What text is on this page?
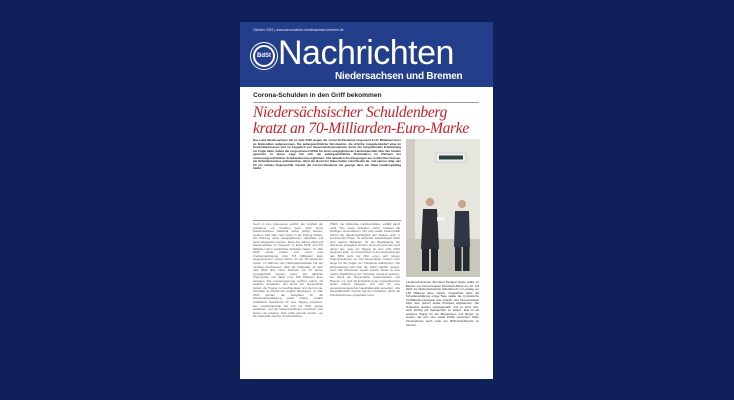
Oktober 2021 | www.steuerzahler-niedersachsen-bremen.de
BdSt Nachrichten
Niedersachsen und Bremen
Corona-Schulden in den Griff bekommen
Niedersächsischer Schuldenberg
kratzt an 70-Milliarden-Euro-Marke
Das Land Niedersachsen hat im Jahr 2020 wegen der Covid-19-Pandemie insgesamt 8,147 Milliarden Euro an Notkrediten aufgenommen. Die außergewöhnliche Notsituation, die erhöhte Ausgabenbedarf etwa im Gesundheitswesen und im Ausgleich von Steuermindereinnahmen durch die konjunkturelle Entwicklung zur Folge hatte, haben die vorgesehenen Mittel für einen ausgeglichenen Landeshaushalt über den Haufen geworfen. In dieser Lage hat sich die außergewöhnliche Notsituation im Rahmen der verfassungsrechtlichen Schuldenbremse legitimiert. Alle aktuellen Anstrengungen aus politischen Kreisen, die Schuldenbremse aufzuweichen, lehnt der Bund der Steuerzahler entschieden ab, und ebenso tätig sein für ein solides Finanzpolitik. Gerade die Corona-Pandemie hat gezeigt, dass der Staat handlungsfähig bleibt.
Noch ist eine Atempause gefühlt. Ein Großteil der Aufnahme von Krediten kann nicht durch Niedersachsens Haushalt selbst getilgt werden, sondern wird über viele Jahre in die Tilgung fließen. Die Planung eines ausgeglichenen Haushalts soll nicht aufgegeben werden. Ende des Jahres 2024 soll Niedersachsen im Vergleich zu Ende 2019 rund 8,5 Milliarden Euro zusätzliche Schulden haben. Im Jahr 2020 wurde zudem vom Land eine Kreditermächtigung über 8,8 Milliarden Euro ausgesprochen, wovon bisher nur ein Teil abgerufen wurde. Im Rahmen des Nachtragshaushalts hat der Landtag beschlossen, dass die Notkredite ab dem Jahr 2024 über einen Zeitraum von 25 Jahren zurückgezahlt werden sollen. Die jährliche Tilgungsrate soll dabei rund 320 Millionen Euro betragen. Die Landesregierung rechnet zudem mit weiteren Zinslasten. Der Bund der Steuerzahler fordert, die Tilgung zu beschleunigen und die Corona-Schulden so schnell wie möglich abzubauen. Im Jahr 2022 werden die Ausgaben für die Pandemiebewältigung weiter sinken, sodass zusätzliche Spielräume für eine Tilgung entstehen. Der Landeshaushalt hat sich bis 2021 wieder stabilisiert, und die Steuereinnahmen entwickeln sich besser als erwartet. Dies sollte genutzt werden, um die Notkredite rascher zurückzuführen.
Pflicht, die Notkredite zurückzuzahlen, entfällt damit nicht. Wer heute Schulden macht, belastet die künftigen Generationen. Nur eine solide Finanzpolitik sichert die Handlungsfähigkeit des Staates auch in kommenden Krisen. Im laufenden Haushaltsjahr 2021 sind weitere Milliarden für die Bewältigung der Pandemie eingeplant worden. Dennoch geht das Land davon aus, dass die Tilgung ab dem Jahr 2024 beginnen kann. Im Unterschied zu den Empfehlungen des BdSt sieht der Plan einen sehr langen Tilgungszeitraum vor. Die Steuerzahler müssen noch lange für die Folgen der Pandemie aufkommen. Die Zinsbelastung wird über die Jahre spürbar steigen, wenn das Zinsniveau wieder anzieht. Daher ist eine rasche Rückführung der Schulden dringend geboten. Der Bund der Steuerzahler Niedersachsen und Bremen e.V. wird die Entwicklung der Landesfinanzen weiter kritisch begleiten und sich für eine generationengerechte Haushaltspolitik einsetzen. Alle Haushaltsmittel müssen auf den Prüfstand, damit die Schuldenbremse eingehalten wird.
Landesvorsitzender Bernhard Zentgraf (links) stellte im Beisein von Finanzminister Reinhold Hilbers am 16. Juli 2021 die Niedersächsische Schuldenuhr im Landtag um 145 Millionen Euro zurück. Ungeachtet hatte die Schuldenerklärung einige Tage später die symbolische 70-Milliarden-Schwelle fast erreicht. Der Finanzminister kann dem jedoch etwas Positives abgewinnen: Die Notkredite werden zurückgezahlt, und es lohnt sich, auch künftig auf Sparsamkeit zu achten. Das ist als positives Signal für die Bürgerinnen und Bürger zu werten, die sich eine solide Politik wünschen. Mehr Informationen auch unter der BdSt-Schuldenuhr im Internet.
